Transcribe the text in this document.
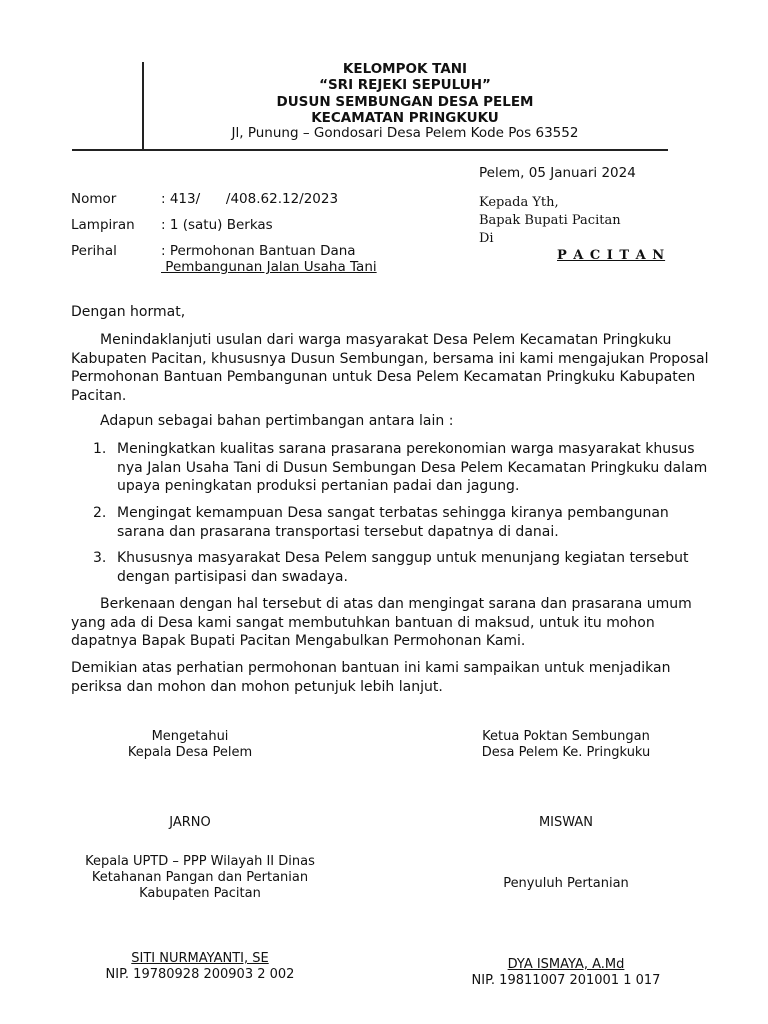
KELOMPOK TANI
“SRI REJEKI SEPULUH”
DUSUN SEMBUNGAN DESA PELEM
KECAMATAN PRINGKUKU
Jl, Punung – Gondosari Desa Pelem Kode Pos 63552
Pelem, 05 Januari 2024
Nomor	: 413/      /408.62.12/2023
Lampiran : 1 (satu) Berkas
Perihal	: Permohonan Bantuan Dana
Pembangunan Jalan Usaha Tani
Kepada Yth,
Bapak Bupati Pacitan
Di
P A C I T A N
Dengan hormat,
Menindaklanjuti usulan dari warga masyarakat Desa Pelem Kecamatan Pringkuku Kabupaten Pacitan, khususnya Dusun Sembungan, bersama ini kami mengajukan Proposal Permohonan Bantuan Pembangunan untuk Desa Pelem Kecamatan Pringkuku Kabupaten Pacitan.
Adapun sebagai bahan pertimbangan antara lain :
1. Meningkatkan kualitas sarana prasarana perekonomian warga masyarakat khusus nya Jalan Usaha Tani di Dusun Sembungan Desa Pelem Kecamatan Pringkuku dalam upaya peningkatan produksi pertanian padai dan jagung.
2. Mengingat kemampuan Desa sangat terbatas sehingga kiranya pembangunan sarana dan prasarana transportasi tersebut dapatnya di danai.
3. Khususnya masyarakat Desa Pelem sanggup untuk menunjang kegiatan tersebut dengan partisipasi dan swadaya.
Berkenaan dengan hal tersebut di atas dan mengingat sarana dan prasarana umum yang ada di Desa kami sangat membutuhkan bantuan di maksud, untuk itu mohon dapatnya Bapak Bupati Pacitan Mengabulkan Permohonan Kami.
Demikian atas perhatian permohonan bantuan ini kami sampaikan untuk menjadikan periksa dan mohon dan mohon petunjuk lebih lanjut.
Mengetahui
Kepala Desa Pelem
JARNO
Ketua Poktan Sembungan
Desa Pelem Ke. Pringkuku
MISWAN
Kepala UPTD – PPP Wilayah II Dinas
Ketahanan Pangan dan Pertanian
Kabupaten Pacitan
SITI NURMAYANTI, SE
NIP. 19780928 200903 2 002
Penyuluh Pertanian
DYA ISMAYA, A.Md
NIP. 19811007 201001 1 017
